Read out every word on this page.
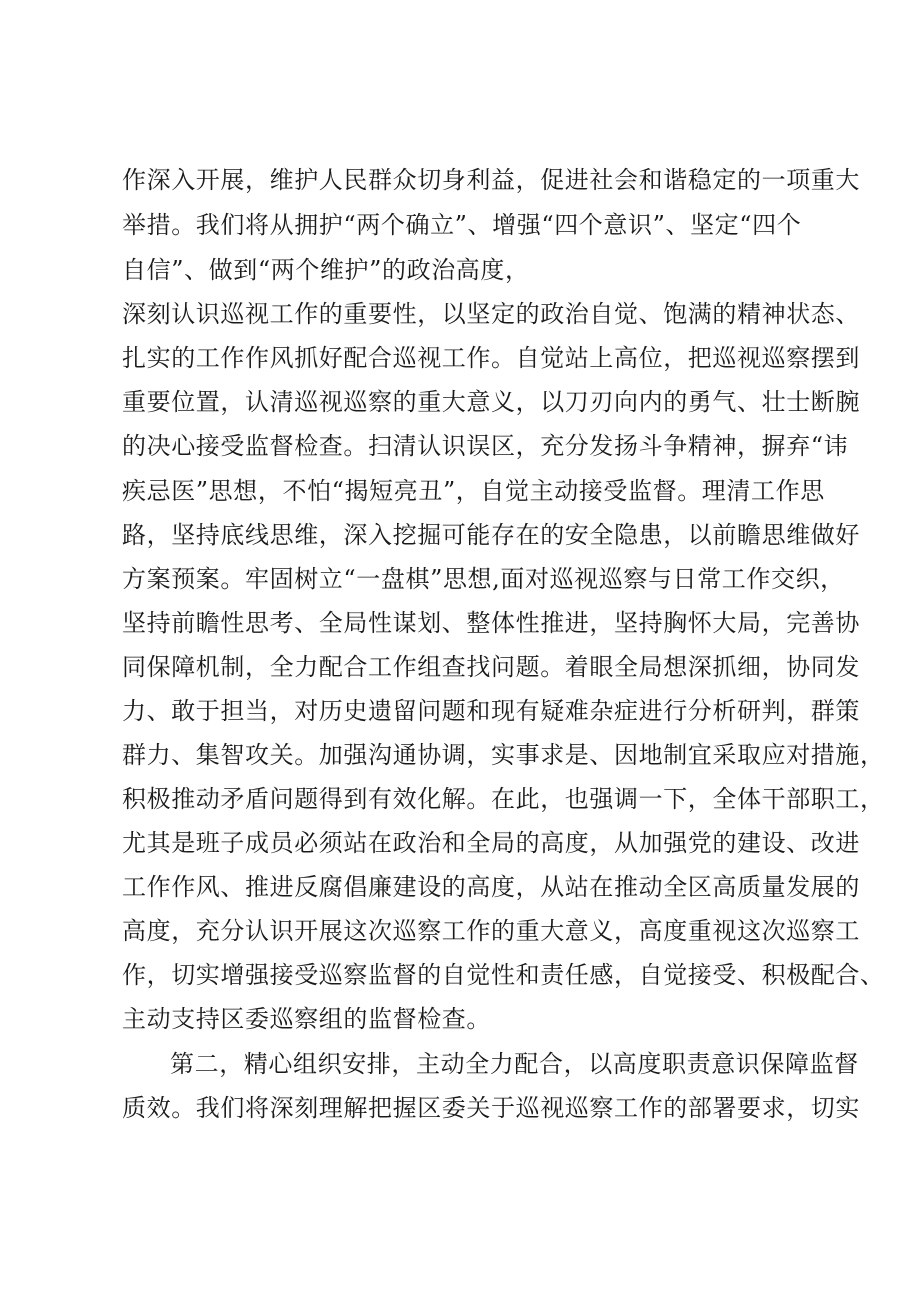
作深入开展，维护人民群众切身利益，促进社会和谐稳定的一项重大
举措。我们将从拥护“两个确立”、增强“四个意识”、坚定“四个
自信”、做到“两个维护”的政治高度，
深刻认识巡视工作的重要性，以坚定的政治自觉、饱满的精神状态、
扎实的工作作风抓好配合巡视工作。自觉站上高位，把巡视巡察摆到
重要位置，认清巡视巡察的重大意义，以刀刃向内的勇气、壮士断腕
的决心接受监督检查。扫清认识误区，充分发扬斗争精神，摒弃“讳
疾忌医”思想，不怕“揭短亮丑”，自觉主动接受监督。理清工作思
路，坚持底线思维，深入挖掘可能存在的安全隐患，以前瞻思维做好
方案预案。牢固树立“一盘棋”思想,面对巡视巡察与日常工作交织，
坚持前瞻性思考、全局性谋划、整体性推进，坚持胸怀大局，完善协
同保障机制，全力配合工作组查找问题。着眼全局想深抓细，协同发
力、敢于担当，对历史遗留问题和现有疑难杂症进行分析研判，群策
群力、集智攻关。加强沟通协调，实事求是、因地制宜采取应对措施，
积极推动矛盾问题得到有效化解。在此，也强调一下，全体干部职工，
尤其是班子成员必须站在政治和全局的高度，从加强党的建设、改进
工作作风、推进反腐倡廉建设的高度，从站在推动全区高质量发展的
高度，充分认识开展这次巡察工作的重大意义，高度重视这次巡察工
作，切实增强接受巡察监督的自觉性和责任感，自觉接受、积极配合、
主动支持区委巡察组的监督检查。
第二，精心组织安排，主动全力配合，以高度职责意识保障监督
质效。我们将深刻理解把握区委关于巡视巡察工作的部署要求，切实
